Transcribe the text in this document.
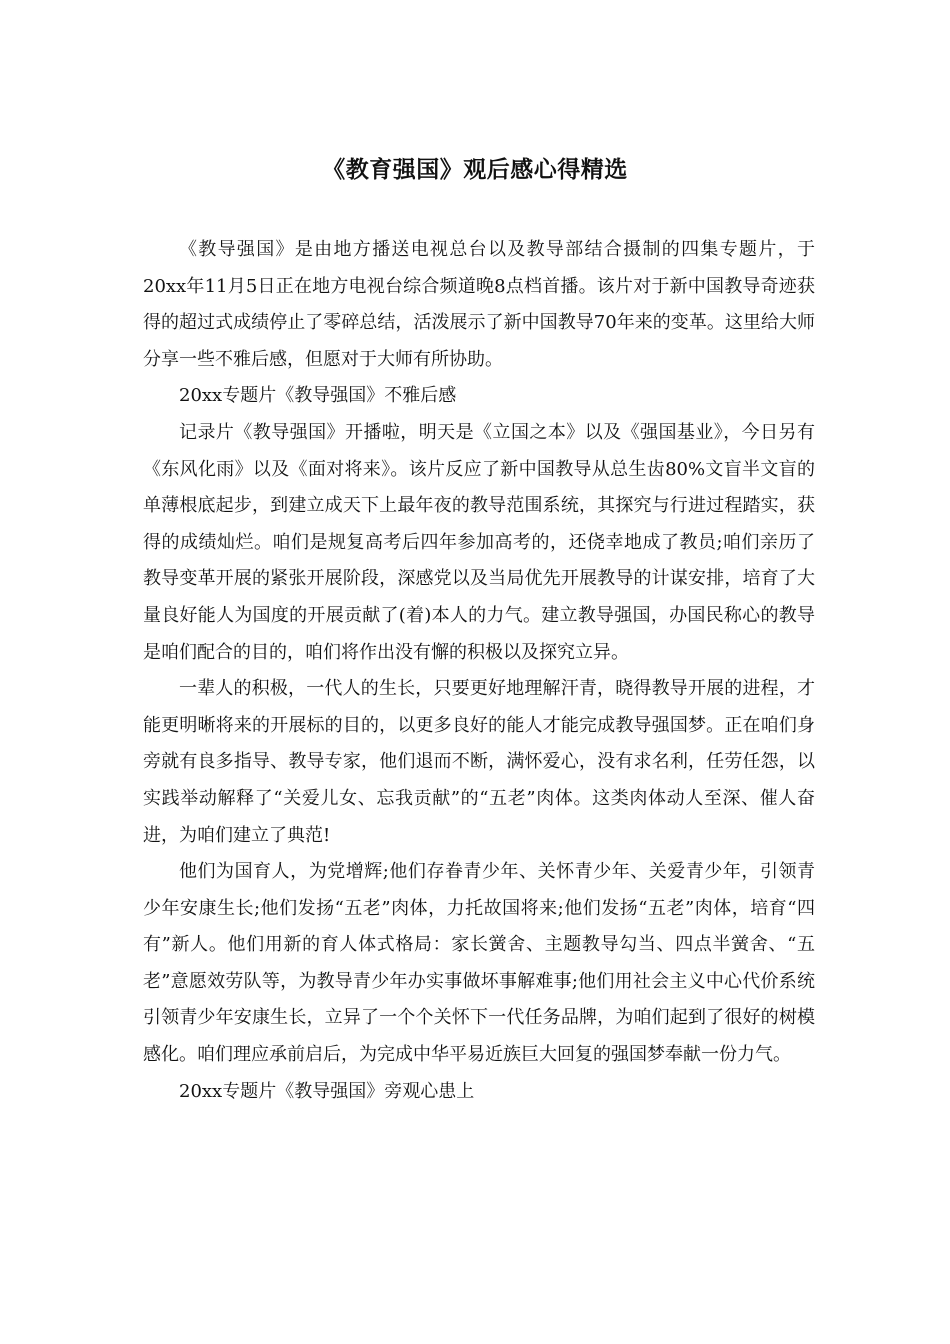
《教育强国》观后感心得精选

《教导强国》是由地方播送电视总台以及教导部结合摄制的四集专题片，于20xx年11月5日正在地方电视台综合频道晚8点档首播。该片对于新中国教导奇迹获得的超过式成绩停止了零碎总结，活泼展示了新中国教导70年来的变革。这里给大师分享一些不雅后感，但愿对于大师有所协助。

20xx专题片《教导强国》不雅后感

记录片《教导强国》开播啦，明天是《立国之本》以及《强国基业》，今日另有《东风化雨》以及《面对将来》。该片反应了新中国教导从总生齿80%文盲半文盲的单薄根底起步，到建立成天下上最年夜的教导范围系统，其探究与行进过程踏实，获得的成绩灿烂。咱们是规复高考后四年参加高考的，还侥幸地成了教员;咱们亲历了教导变革开展的紧张开展阶段，深感党以及当局优先开展教导的计谋安排，培育了大量良好能人为国度的开展贡献了(着)本人的力气。建立教导强国，办国民称心的教导是咱们配合的目的，咱们将作出没有懈的积极以及探究立异。

一辈人的积极，一代人的生长，只要更好地理解汗青，晓得教导开展的进程，才能更明晰将来的开展标的目的，以更多良好的能人才能完成教导强国梦。正在咱们身旁就有良多指导、教导专家，他们退而不断，满怀爱心，没有求名利，任劳任怨，以实践举动解释了“关爱儿女、忘我贡献”的“五老”肉体。这类肉体动人至深、催人奋进，为咱们建立了典范!

他们为国育人，为党增辉;他们存眷青少年、关怀青少年、关爱青少年，引领青少年安康生长;他们发扬“五老”肉体，力托故国将来;他们发扬“五老”肉体，培育“四有”新人。他们用新的育人体式格局：家长黉舍、主题教导勾当、四点半黉舍、“五老”意愿效劳队等，为教导青少年办实事做坏事解难事;他们用社会主义中心代价系统引领青少年安康生长，立异了一个个关怀下一代任务品牌，为咱们起到了很好的树模感化。咱们理应承前启后，为完成中华平易近族巨大回复的强国梦奉献一份力气。

20xx专题片《教导强国》旁观心患上
